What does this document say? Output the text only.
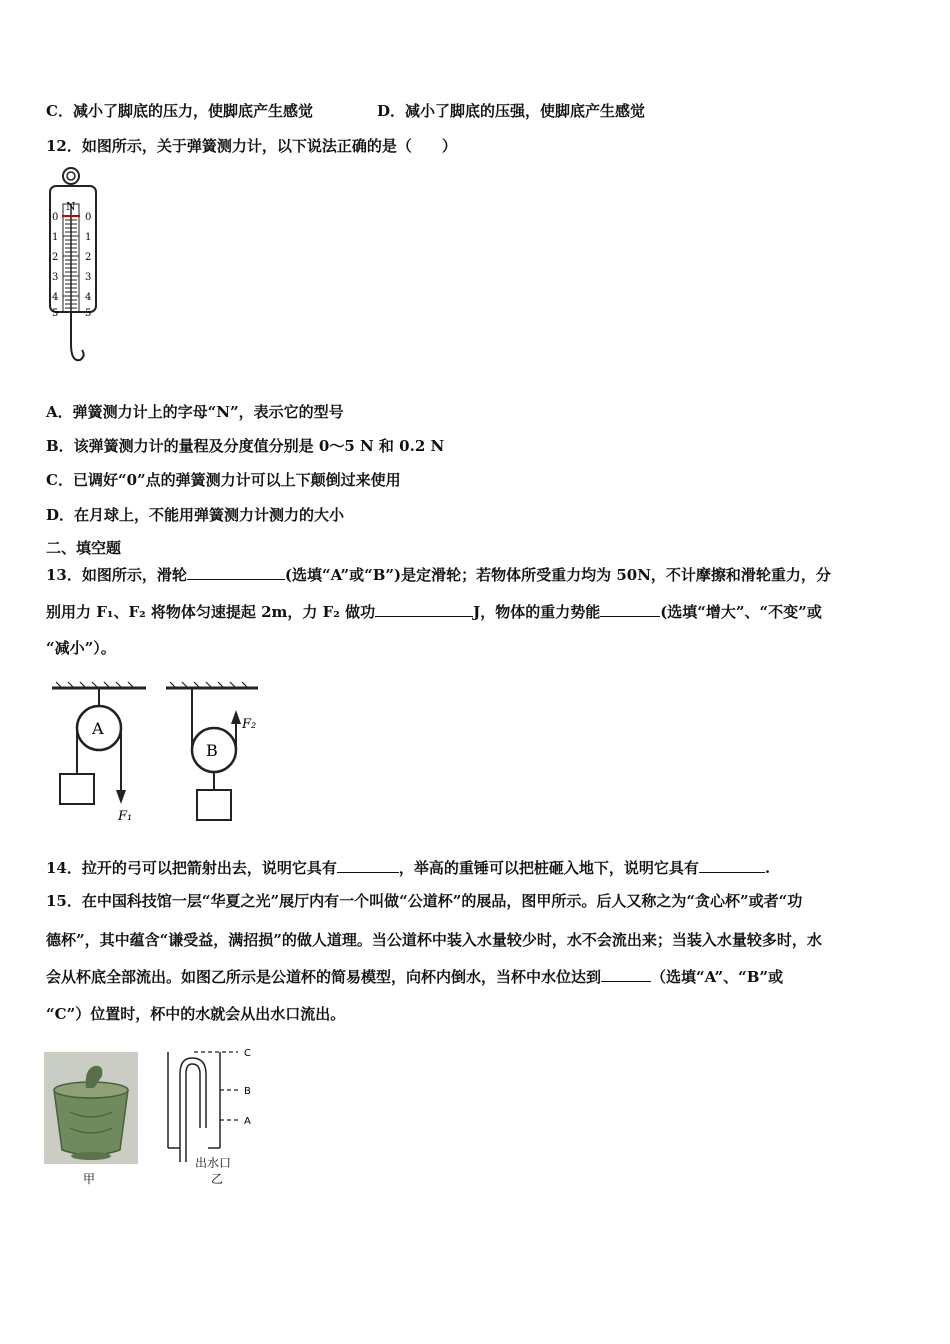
C．减小了脚底的压力，使脚底产生感觉	D．减小了脚底的压强，使脚底产生感觉
12．如图所示，关于弹簧测力计，以下说法正确的是（　　）
N
0
1
2
3
4
5
0
1
2
3
4
5
A．弹簧测力计上的字母“N”，表示它的型号
B．该弹簧测力计的量程及分度值分别是 0～5 N 和 0.2 N
C．已调好“0”点的弹簧测力计可以上下颠倒过来使用
D．在月球上，不能用弹簧测力计测力的大小
二、填空题
13．如图所示，滑轮	(选填“A”或“B”)是定滑轮；若物体所受重力均为 50N，不计摩擦和滑轮重力，分
别用力 F₁、F₂ 将物体匀速提起 2m，力 F₂ 做功	J，物体的重力势能	(选填“增大”、“不变”或
“减小”）。
A
F₁
B
F₂
14．拉开的弓可以把箭射出去，说明它具有	，举高的重锤可以把桩砸入地下，说明它具有	.
15．在中国科技馆一层“华夏之光”展厅内有一个叫做“公道杯”的展品，图甲所示。后人又称之为“贪心杯”或者“功
德杯”，其中蕴含“谦受益，满招损”的做人道理。当公道杯中装入水量较少时，水不会流出来；当装入水量较多时，水
会从杯底全部流出。如图乙所示是公道杯的简易模型，向杯内倒水，当杯中水位达到	（选填“A”、“B”或
“C”）位置时，杯中的水就会从出水口流出。
甲
C
B
A
出水口
乙
